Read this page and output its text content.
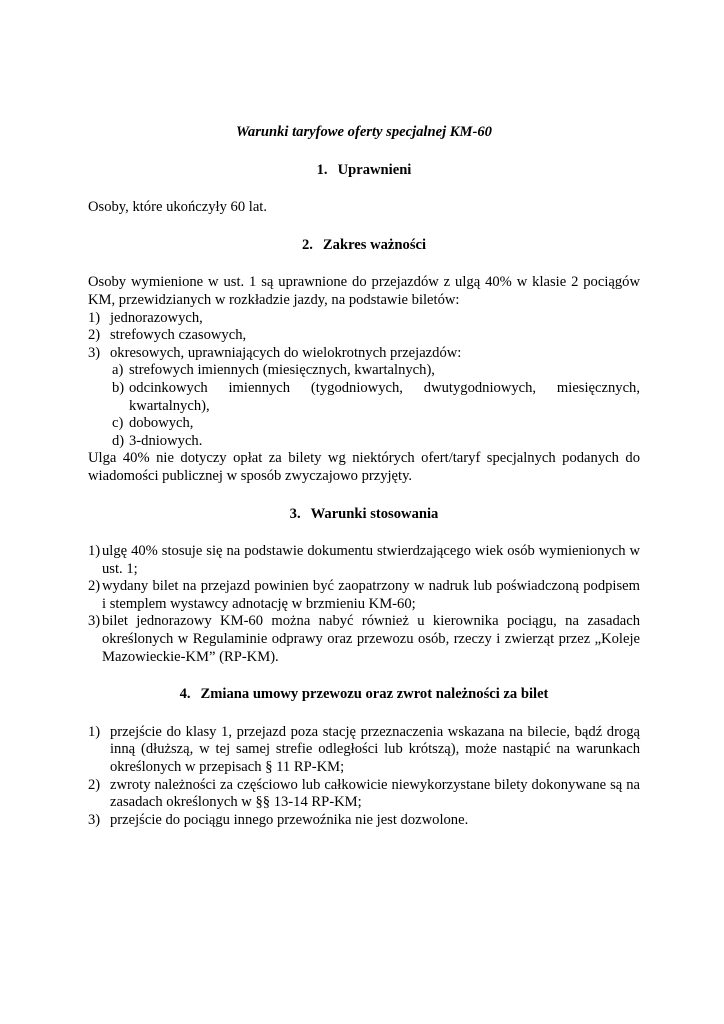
Warunki taryfowe oferty specjalnej KM-60
1. Uprawnieni

Osoby, które ukończyły 60 lat.

2. Zakres ważności

Osoby wymienione w ust. 1 są uprawnione do przejazdów z ulgą 40% w klasie 2 pociągów KM, przewidzianych w rozkładzie jazdy, na podstawie biletów:

1) jednorazowych,
2) strefowych czasowych,
3) okresowych, uprawniających do wielokrotnych przejazdów:
a) strefowych imiennych (miesięcznych, kwartalnych),
b) odcinkowych imiennych (tygodniowych, dwutygodniowych, miesięcznych, kwartalnych),
c) dobowych,
d) 3-dniowych.

Ulga 40% nie dotyczy opłat za bilety wg niektórych ofert/taryf specjalnych podanych do wiadomości publicznej w sposób zwyczajowo przyjęty.

3. Warunki stosowania
1) ulgę 40% stosuje się na podstawie dokumentu stwierdzającego wiek osób wymienionych w ust. 1;
2) wydany bilet na przejazd powinien być zaopatrzony w nadruk lub poświadczoną podpisem i stemplem wystawcy adnotację w brzmieniu KM-60;
3) bilet jednorazowy KM-60 można nabyć również u kierownika pociągu, na zasadach określonych w Regulaminie odprawy oraz przewozu osób, rzeczy i zwierząt przez „Koleje Mazowieckie-KM” (RP-KM).
4. Zmiana umowy przewozu oraz zwrot należności za bilet
1) przejście do klasy 1, przejazd poza stację przeznaczenia wskazana na bilecie, bądź drogą inną (dłuższą, w tej samej strefie odległości lub krótszą), może nastąpić na warunkach określonych w przepisach § 11 RP-KM;
2) zwroty należności za częściowo lub całkowicie niewykorzystane bilety dokonywane są na zasadach określonych w §§ 13-14 RP-KM;
3) przejście do pociągu innego przewoźnika nie jest dozwolone.
